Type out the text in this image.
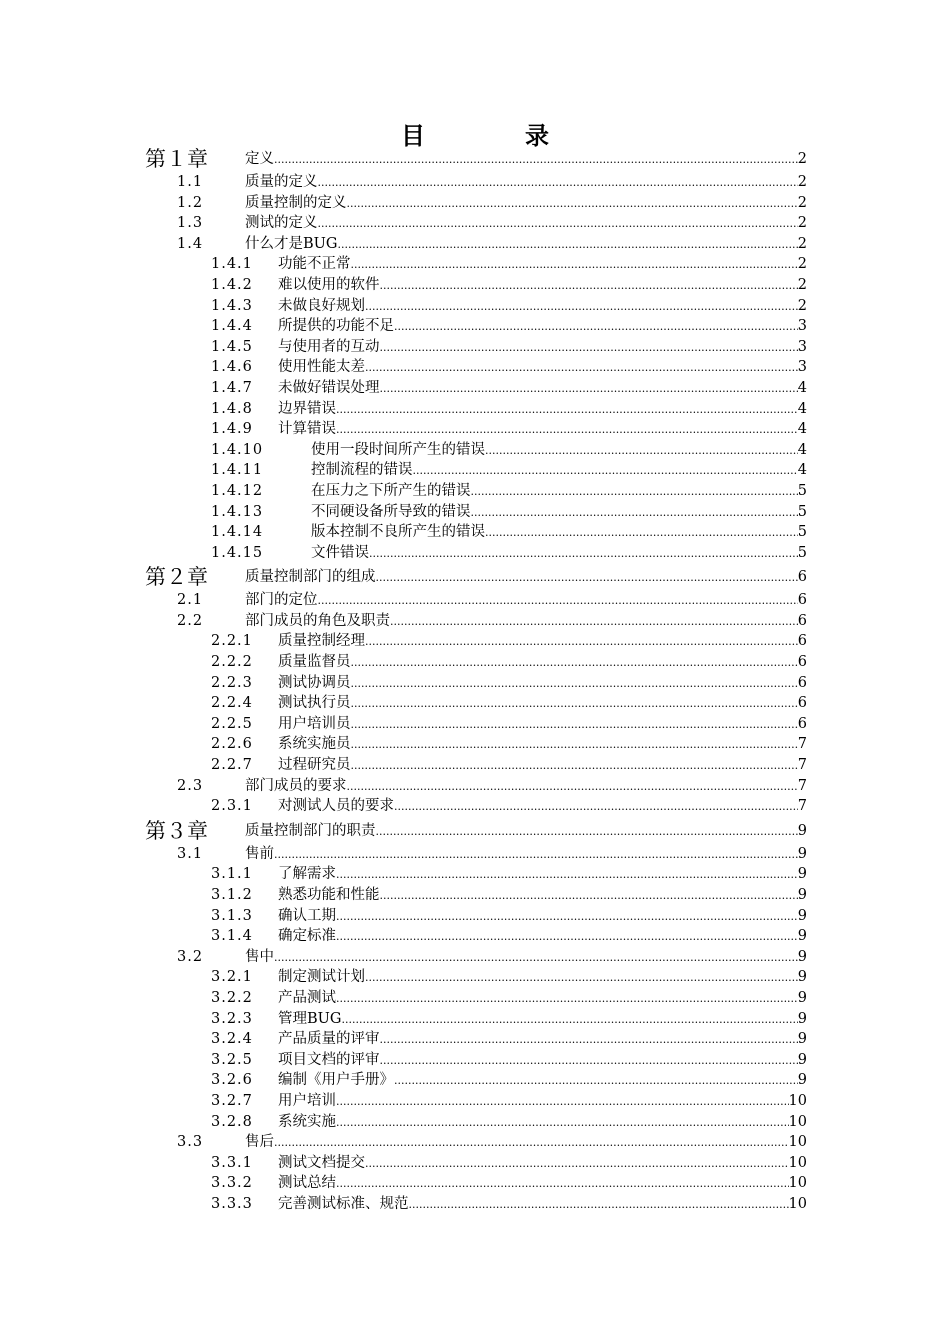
目　录
第１章	定义 .....	2
1.1	质量的定义 .....	2
1.2	质量控制的定义 .....	2
1.3	测试的定义 .....	2
1.4	什么才是BUG .....	2
1.4.1 功能不正常 .....	2
1.4.2 难以使用的软件 .....	2
1.4.3 未做良好规划 .....	2
1.4.4 所提供的功能不足 .....	3
1.4.5 与使用者的互动 .....	3
1.4.6 使用性能太差 .....	3
1.4.7 未做好错误处理 .....	4
1.4.8 边界错误 .....	4
1.4.9 计算错误 .....	4
1.4.10	使用一段时间所产生的错误 .....	4
1.4.11	控制流程的错误 .....	4
1.4.12	在压力之下所产生的错误 .....	5
1.4.13	不同硬设备所导致的错误 .....	5
1.4.14	版本控制不良所产生的错误 .....	5
1.4.15	文件错误 .....	5
第２章	质量控制部门的组成 .....	6
2.1	部门的定位 .....	6
2.2	部门成员的角色及职责 .....	6
2.2.1 质量控制经理 .....	6
2.2.2 质量监督员 .....	6
2.2.3 测试协调员 .....	6
2.2.4 测试执行员 .....	6
2.2.5 用户培训员 .....	6
2.2.6 系统实施员 .....	7
2.2.7 过程研究员 .....	7
2.3	部门成员的要求 .....	7
2.3.1 对测试人员的要求 .....	7
第３章	质量控制部门的职责 .....	9
3.1	售前 .....	9
3.1.1 了解需求 .....	9
3.1.2 熟悉功能和性能 .....	9
3.1.3 确认工期 .....	9
3.1.4 确定标准 .....	9
3.2	售中 .....	9
3.2.1 制定测试计划 .....	9
3.2.2 产品测试 .....	9
3.2.3 管理BUG .....	9
3.2.4 产品质量的评审 .....	9
3.2.5 项目文档的评审 .....	9
3.2.6 编制《用户手册》 .....	9
3.2.7 用户培训 .....	10
3.2.8 系统实施 .....	10
3.3	售后 .....	10
3.3.1 测试文档提交 .....	10
3.3.2 测试总结 .....	10
3.3.3 完善测试标准、规范 .....	10
